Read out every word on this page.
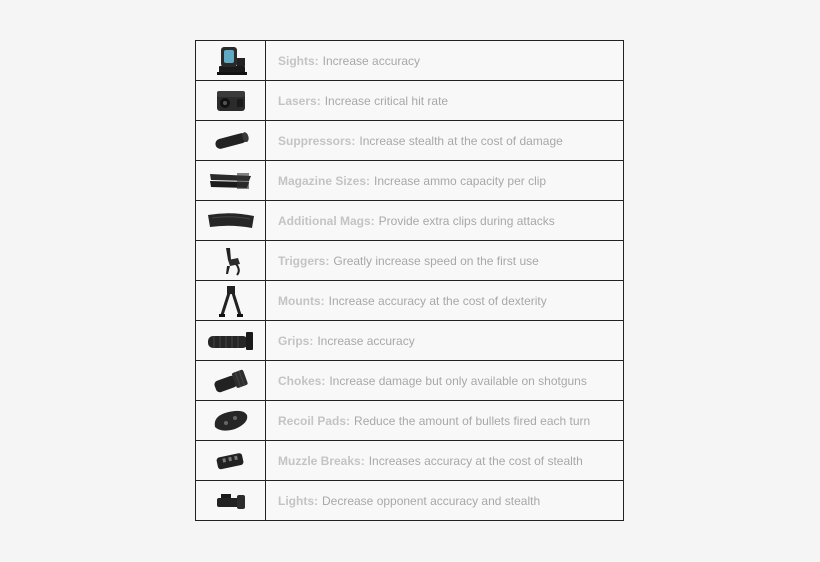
Sights: Increase accuracy
Lasers: Increase critical hit rate
Suppressors: Increase stealth at the cost of damage
Magazine Sizes: Increase ammo capacity per clip
Additional Mags: Provide extra clips during attacks
Triggers: Greatly increase speed on the first use
Mounts: Increase accuracy at the cost of dexterity
Grips: Increase accuracy
Chokes: Increase damage but only available on shotguns
Recoil Pads: Reduce the amount of bullets fired each turn
Muzzle Breaks: Increases accuracy at the cost of stealth
Lights: Decrease opponent accuracy and stealth
